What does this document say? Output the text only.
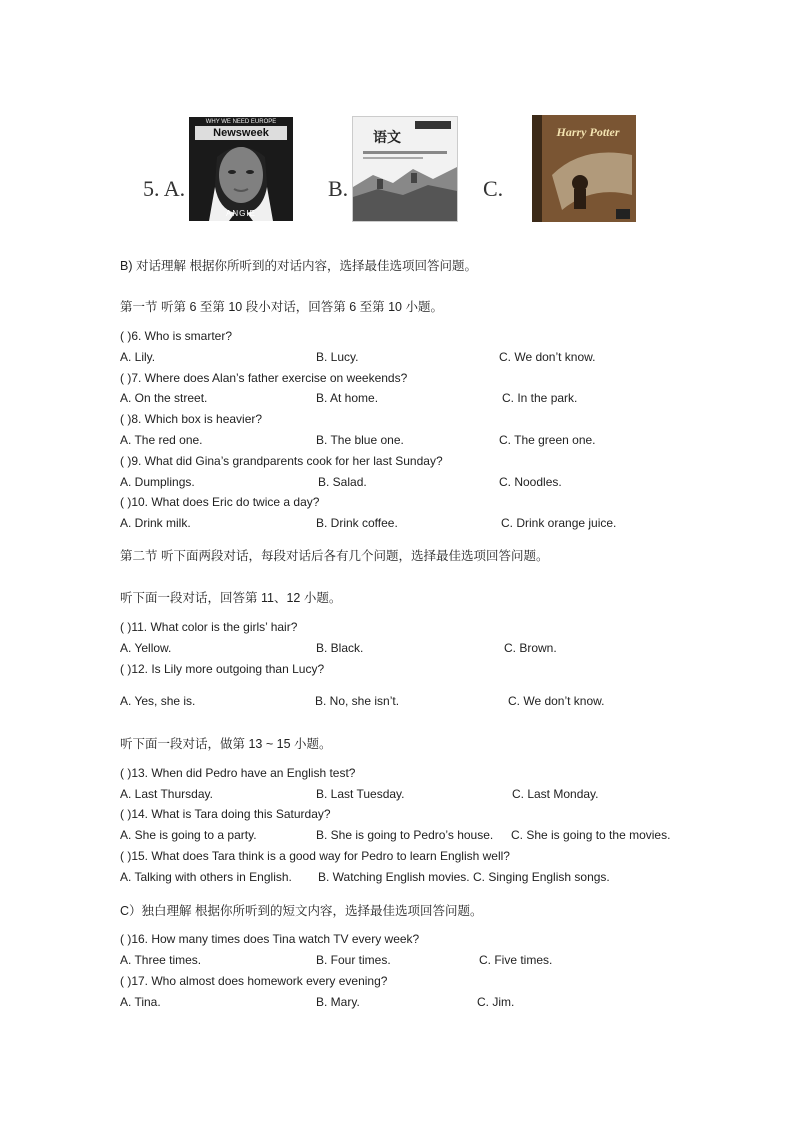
5. A.
WHY WE NEED EUROPE
Newsweek
ANGIE
B.
语文
C.
Harry Potter
B) 对话理解 根据你所听到的对话内容，选择最佳选项回答问题。
第一节 听第 6 至第 10 段小对话，回答第 6 至第 10 小题。
( )6. Who is smarter?
A. Lily.	B. Lucy.	C. We don’t know.
( )7. Where does Alan’s father exercise on weekends?
A. On the street.	B. At home.	C. In the park.
( )8. Which box is heavier?
A. The red one.	B. The blue one.	C. The green one.
( )9. What did Gina’s grandparents cook for her last Sunday?
A. Dumplings.	B. Salad.	C. Noodles.
( )10. What does Eric do twice a day?
A. Drink milk.	B. Drink coffee.	C. Drink orange juice.
第二节 听下面两段对话，每段对话后各有几个问题，选择最佳选项回答问题。
听下面一段对话，回答第 11、12 小题。
( )11. What color is the girls’ hair?
A. Yellow.	B. Black.	C. Brown.
( )12. Is Lily more outgoing than Lucy?
A. Yes, she is.	B. No, she isn’t.	C. We don’t know.
听下面一段对话，做第 13 ~ 15 小题。
( )13. When did Pedro have an English test?
A. Last Thursday.	B. Last Tuesday.	C. Last Monday.
( )14. What is Tara doing this Saturday?
A. She is going to a party.	B. She is going to Pedro’s house. C. She is going to the movies.
( )15. What does Tara think is a good way for Pedro to learn English well?
A. Talking with others in English. B. Watching English movies. C. Singing English songs.
C）独白理解 根据你所听到的短文内容，选择最佳选项回答问题。
( )16. How many times does Tina watch TV every week?
A. Three times.	B. Four times.	C. Five times.
( )17. Who almost does homework every evening?
A. Tina.	B. Mary.	C. Jim.
